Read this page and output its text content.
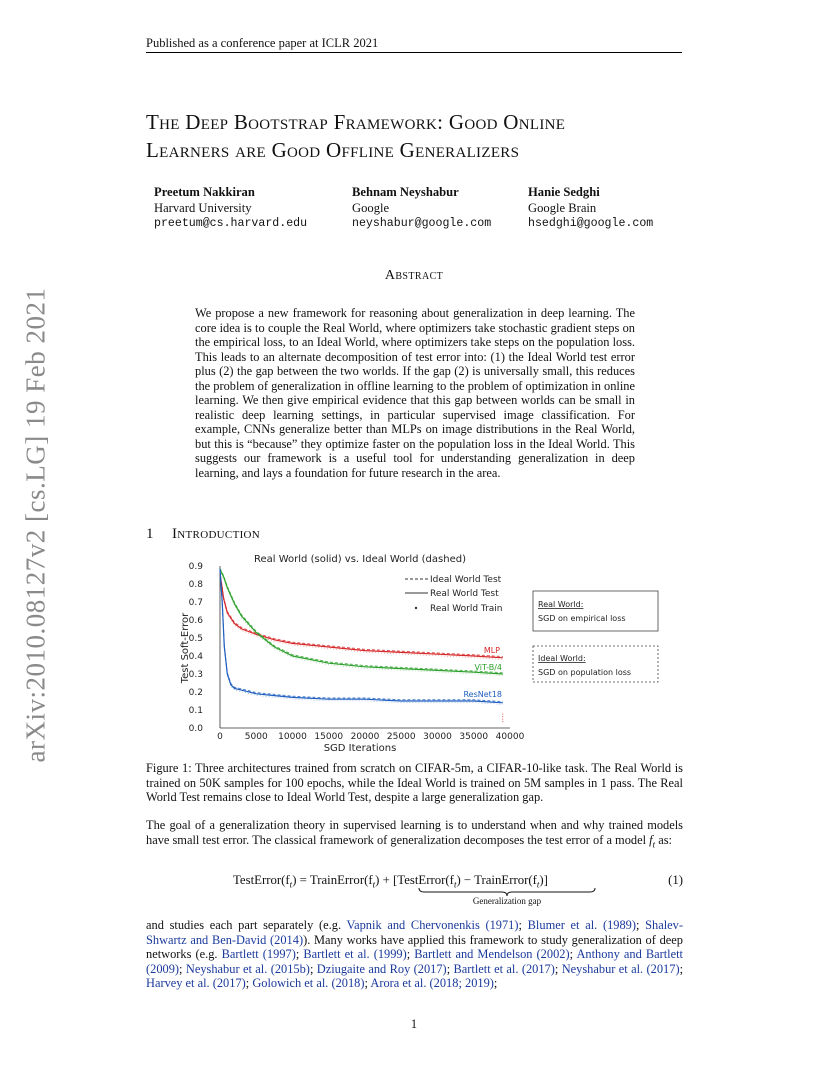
Published as a conference paper at ICLR 2021
The Deep Bootstrap Framework: Good Online
Learners are Good Offline Generalizers
Preetum Nakkiran
Harvard University
preetum@cs.harvard.edu
Behnam Neyshabur
Google
neyshabur@google.com
Hanie Sedghi
Google Brain
hsedghi@google.com
Abstract
We propose a new framework for reasoning about generalization in deep learning. The core idea is to couple the Real World, where optimizers take stochastic gradient steps on the empirical loss, to an Ideal World, where optimizers take steps on the population loss. This leads to an alternate decomposition of test error into: (1) the Ideal World test error plus (2) the gap between the two worlds. If the gap (2) is universally small, this reduces the problem of generalization in offline learning to the problem of optimization in online learning. We then give empirical evidence that this gap between worlds can be small in realistic deep learning settings, in particular supervised image classification. For example, CNNs generalize better than MLPs on image distributions in the Real World, but this is “because” they optimize faster on the population loss in the Ideal World. This suggests our framework is a useful tool for understanding generalization in deep learning, and lays a foundation for future research in the area.
1 Introduction
Real World (solid) vs. Ideal World (dashed)
0 5000 10000 15000 20000 25000 30000 35000 40000
0.0
0.1
0.2
0.3
0.4
0.5
0.6
0.7
0.8
0.9
SGD Iterations
Test Soft-Error	MLP
ViT-B/4
ResNet18
Ideal World Test
Real World Test
Real World Train	Real World:
SGD on empirical loss
Ideal World:
SGD on population loss
Figure 1: Three architectures trained from scratch on CIFAR-5m, a CIFAR-10-like task. The Real World is trained on 50K samples for 100 epochs, while the Ideal World is trained on 5M samples in 1 pass. The Real World Test remains close to Ideal World Test, despite a large generalization gap.
The goal of a generalization theory in supervised learning is to understand when and why trained models have small test error. The classical framework of generalization decomposes the test error of a model $f_t$ as:
$TestError(f_t)$ = $TrainError(f_t)$ + [$TestError(f_t)$ − $TrainError(f_t)$]
Generalization gap
(1)
and studies each part separately (e.g. Vapnik and Chervonenkis (1971); Blumer et al. (1989); Shalev-Shwartz and Ben-David (2014)). Many works have applied this framework to study generalization of deep networks (e.g. Bartlett (1997); Bartlett et al. (1999); Bartlett and Mendelson (2002); Anthony and Bartlett (2009); Neyshabur et al. (2015b); Dziugaite and Roy (2017); Bartlett et al. (2017); Neyshabur et al. (2017); Harvey et al. (2017); Golowich et al. (2018); Arora et al. (2018; 2019);
1
arXiv:2010.08127v2 [cs.LG] 19 Feb 2021
